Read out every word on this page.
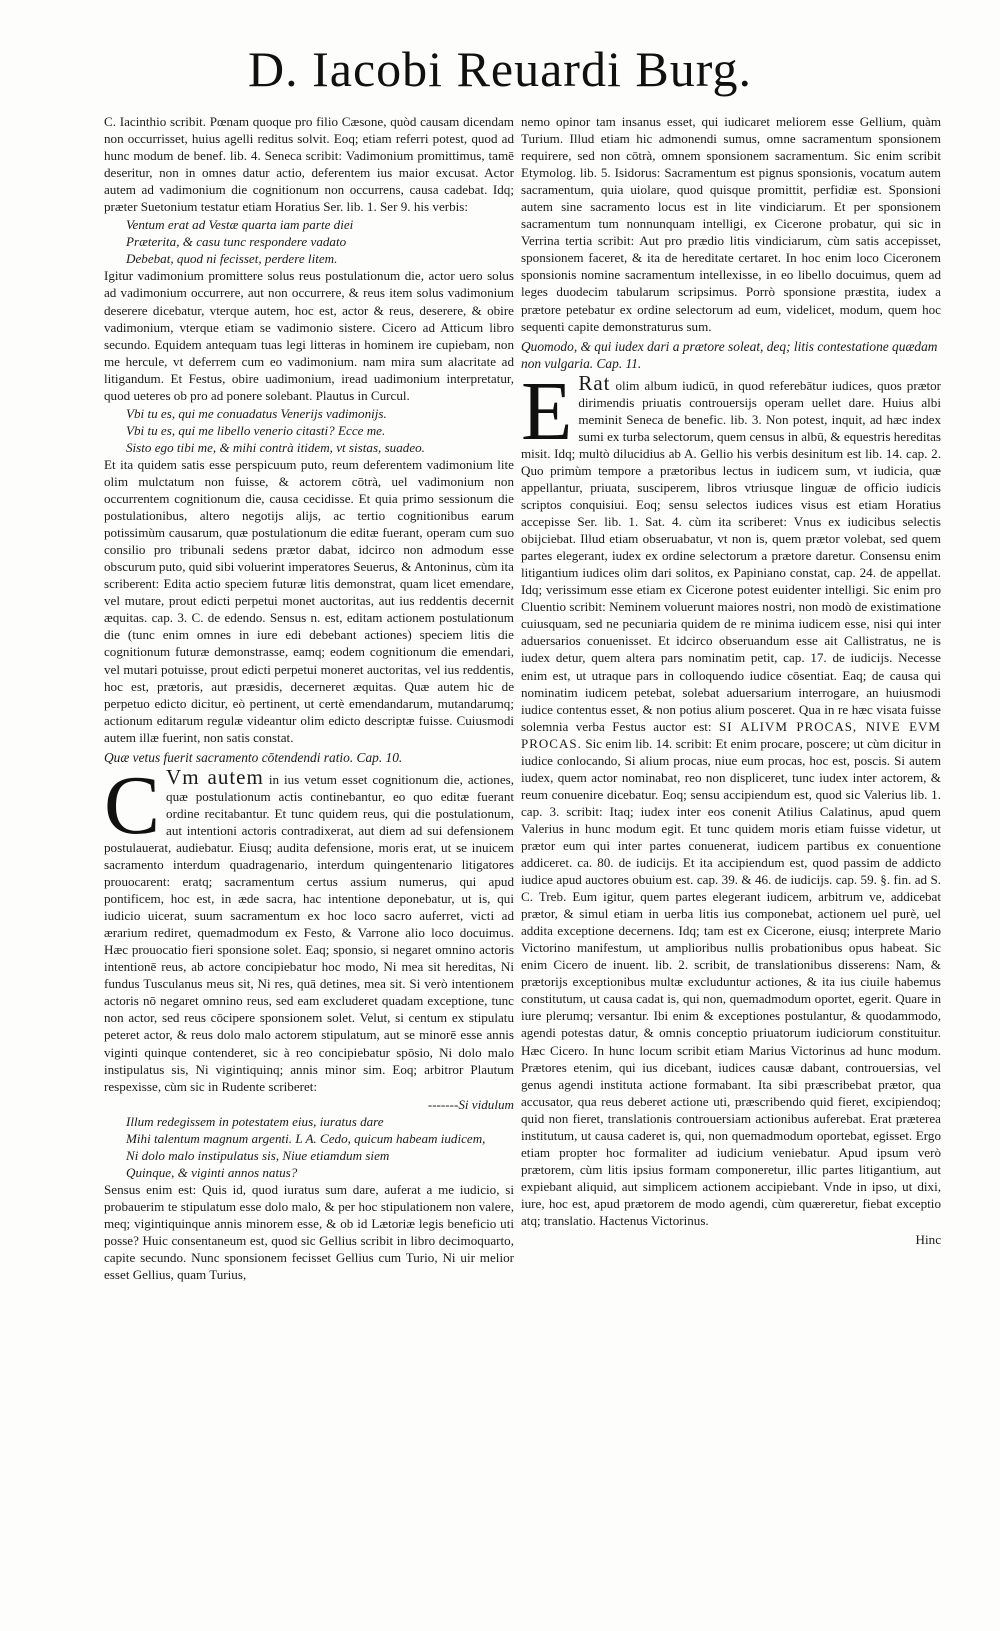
D. Iacobi Reuardi Burg.

C. Iacinthio scribit. Pœnam quoque pro filio Cæsone, quòd causam dicendam non occurrisset, huius agelli reditus solvit. Eoq; etiam referri potest, quod ad hunc modum de benef. lib. 4. Seneca scribit: Vadimonium promittimus, tamē deseritur, non in omnes datur actio, deferentem ius maior excusat. Actor autem ad vadimonium die cognitionum non occurrens, causa cadebat. Idq; præter Suetonium testatur etiam Horatius Ser. lib. 1. Ser 9. his verbis:

Ventum erat ad Vestæ quarta iam parte diei
Præterita, & casu tunc respondere vadato
Debebat, quod ni fecisset, perdere litem.

Igitur vadimonium promittere solus reus postulationum die, actor uero solus ad vadimonium occurrere, aut non occurrere, & reus item solus vadimonium deserere dicebatur, vterque autem, hoc est, actor & reus, deserere, & obire vadimonium, vterque etiam se vadimonio sistere. Cicero ad Atticum libro secundo. Equidem antequam tuas legi litteras in hominem ire cupiebam, non me hercule, vt deferrem cum eo vadimonium. nam mira sum alacritate ad litigandum. Et Festus, obire uadimonium, iread uadimonium interpretatur, quod ueteres ob pro ad ponere solebant. Plautus in Curcul.

Vbi tu es, qui me conuadatus Venerijs vadimonijs.
Vbi tu es, qui me libello venerio citasti? Ecce me.
Sisto ego tibi me, & mihi contrà itidem, vt sistas, suadeo.

Et ita quidem satis esse perspicuum puto, reum deferentem vadimonium lite olim mulctatum non fuisse, & actorem cōtrà, uel vadimonium non occurrentem cognitionum die, causa cecidisse. Et quia primo sessionum die postulationibus, altero negotijs alijs, ac tertio cognitionibus earum potissimùm causarum, quæ postulationum die editæ fuerant, operam cum suo consilio pro tribunali sedens prætor dabat, idcirco non admodum esse obscurum puto, quid sibi voluerint imperatores Seuerus, & Antoninus, cùm ita scriberent: Edita actio speciem futuræ litis demonstrat, quam licet emendare, vel mutare, prout edicti perpetui monet auctoritas, aut ius reddentis decernit æquitas. cap. 3. C. de edendo. Sensus n. est, editam actionem postulationum die (tunc enim omnes in iure edi debebant actiones) speciem litis die cognitionum futuræ demonstrasse, eamq; eodem cognitionum die emendari, vel mutari potuisse, prout edicti perpetui moneret auctoritas, vel ius reddentis, hoc est, prætoris, aut præsidis, decerneret æquitas. Quæ autem hic de perpetuo edicto dicitur, eò pertinent, ut certè emendandarum, mutandarumq; actionum editarum regulæ videantur olim edicto descriptæ fuisse. Cuiusmodi autem illæ fuerint, non satis constat.

Quæ vetus fuerit sacramento cōtendendi ratio. Cap. 10.

C Vm autem in ius vetum esset cognitionum die, actiones, quæ postulationum actis continebantur, eo quo editæ fuerant ordine recitabantur. Et tunc quidem reus, qui die postulationum, aut intentioni actoris contradixerat, aut diem ad sui defensionem postulauerat, audiebatur. Eiusq; audita defensione, moris erat, ut se inuicem sacramento interdum quadragenario, interdum quingentenario litigatores prouocarent: eratq; sacramentum certus assium numerus, qui apud pontificem, hoc est, in æde sacra, hac intentione deponebatur, ut is, qui iudicio uicerat, suum sacramentum ex hoc loco sacro auferret, victi ad ærarium rediret, quemadmodum ex Festo, & Varrone alio loco docuimus. Hæc prouocatio fieri sponsione solet. Eaq; sponsio, si negaret omnino actoris intentionē reus, ab actore concipiebatur hoc modo, Ni mea sit hereditas, Ni fundus Tusculanus meus sit, Ni res, quā detines, mea sit. Si verò intentionem actoris nō negaret omnino reus, sed eam excluderet quadam exceptione, tunc non actor, sed reus cōcipere sponsionem solet. Velut, si centum ex stipulatu peteret actor, & reus dolo malo actorem stipulatum, aut se minorē esse annis viginti quinque contenderet, sic à reo concipiebatur spōsio, Ni dolo malo instipulatus sis, Ni vigintiquinq; annis minor sim. Eoq; arbitror Plautum respexisse, cùm sic in Rudente scriberet:

-------Si vidulum
Illum redegissem in potestatem eius, iuratus dare
Mihi talentum magnum argenti. L A. Cedo, quicum habeam iudicem,
Ni dolo malo instipulatus sis, Niue etiamdum siem
Quinque, & viginti annos natus?

Sensus enim est: Quis id, quod iuratus sum dare, auferat a me iudicio, si probauerim te stipulatum esse dolo malo, & per hoc stipulationem non valere, meq; vigintiquinque annis minorem esse, & ob id Lætoriæ legis beneficio uti posse? Huic consentaneum est, quod sic Gellius scribit in libro decimoquarto, capite secundo. Nunc sponsionem fecisset Gellius cum Turio, Ni uir melior esset Gellius, quam Turius,

nemo opinor tam insanus esset, qui iudicaret meliorem esse Gellium, quàm Turium. Illud etiam hic admonendi sumus, omne sacramentum sponsionem requirere, sed non cōtrà, omnem sponsionem sacramentum. Sic enim scribit Etymolog. lib. 5. Isidorus: Sacramentum est pignus sponsionis, vocatum autem sacramentum, quia uiolare, quod quisque promittit, perfidiæ est. Sponsioni autem sine sacramento locus est in lite vindiciarum. Et per sponsionem sacramentum tum nonnunquam intelligi, ex Cicerone probatur, qui sic in Verrina tertia scribit: Aut pro prædio litis vindiciarum, cùm satis accepisset, sponsionem faceret, & ita de hereditate certaret. In hoc enim loco Ciceronem sponsionis nomine sacramentum intellexisse, in eo libello docuimus, quem ad leges duodecim tabularum scripsimus. Porrò sponsione præstita, iudex a prætore petebatur ex ordine selectorum ad eum, videlicet, modum, quem hoc sequenti capite demonstraturus sum.

Quomodo, & qui iudex dari a prætore soleat, deq; litis contestatione quædam non vulgaria. Cap. 11.

E Rat olim album iudicū, in quod referebātur iudices, quos prætor dirimendis priuatis controuersijs operam uellet dare. Huius albi meminit Seneca de benefic. lib. 3. Non potest, inquit, ad hæc index sumi ex turba selectorum, quem census in albū, & equestris hereditas misit. Idq; multò dilucidius ab A. Gellio his verbis desinitum est lib. 14. cap. 2. Quo primùm tempore a prætoribus lectus in iudicem sum, vt iudicia, quæ appellantur, priuata, susciperem, libros vtriusque linguæ de officio iudicis scriptos conquisiui. Eoq; sensu selectos iudices visus est etiam Horatius accepisse Ser. lib. 1. Sat. 4. cùm ita scriberet: Vnus ex iudicibus selectis obijciebat. Illud etiam obseruabatur, vt non is, quem prætor volebat, sed quem partes elegerant, iudex ex ordine selectorum a prætore daretur. Consensu enim litigantium iudices olim dari solitos, ex Papiniano constat, cap. 24. de appellat. Idq; verissimum esse etiam ex Cicerone potest euidenter intelligi. Sic enim pro Cluentio scribit: Neminem voluerunt maiores nostri, non modò de existimatione cuiusquam, sed ne pecuniaria quidem de re minima iudicem esse, nisi qui inter aduersarios conuenisset. Et idcirco obseruandum esse ait Callistratus, ne is iudex detur, quem altera pars nominatim petit, cap. 17. de iudicijs. Necesse enim est, ut utraque pars in colloquendo iudice cōsentiat. Eaq; de causa qui nominatim iudicem petebat, solebat aduersarium interrogare, an huiusmodi iudice contentus esset, & non potius alium posceret. Qua in re hæc visata fuisse solemnia verba Festus auctor est: SI ALIVM PROCAS, NIVE EVM PROCAS. Sic enim lib. 14. scribit: Et enim procare, poscere; ut cùm dicitur in iudice conlocando, Si alium procas, niue eum procas, hoc est, poscis. Si autem iudex, quem actor nominabat, reo non displiceret, tunc iudex inter actorem, & reum conuenire dicebatur. Eoq; sensu accipiendum est, quod sic Valerius lib. 1. cap. 3. scribit: Itaq; iudex inter eos conenit Atilius Calatinus, apud quem Valerius in hunc modum egit. Et tunc quidem moris etiam fuisse videtur, ut prætor eum qui inter partes conuenerat, iudicem partibus ex conuentione addiceret. ca. 80. de iudicijs. Et ita accipiendum est, quod passim de addicto iudice apud auctores obuium est. cap. 39. & 46. de iudicijs. cap. 59. §. fin. ad S. C. Treb. Eum igitur, quem partes elegerant iudicem, arbitrum ve, addicebat prætor, & simul etiam in uerba litis ius componebat, actionem uel purè, uel addita exceptione decernens. Idq; tam est ex Cicerone, eiusq; interprete Mario Victorino manifestum, ut amplioribus nullis probationibus opus habeat. Sic enim Cicero de inuent. lib. 2. scribit, de translationibus disserens: Nam, & prætorijs exceptionibus multæ excluduntur actiones, & ita ius ciuile habemus constitutum, ut causa cadat is, qui non, quemadmodum oportet, egerit. Quare in iure plerumq; versantur. Ibi enim & exceptiones postulantur, & quodammodo, agendi potestas datur, & omnis conceptio priuatorum iudiciorum constituitur. Hæc Cicero. In hunc locum scribit etiam Marius Victorinus ad hunc modum. Prætores etenim, qui ius dicebant, iudices causæ dabant, controuersias, vel genus agendi instituta actione formabant. Ita sibi præscribebat prætor, qua accusator, qua reus deberet actione uti, præscribendo quid fieret, excipiendoq; quid non fieret, translationis controuersiam actionibus auferebat. Erat præterea institutum, ut causa caderet is, qui, non quemadmodum oportebat, egisset. Ergo etiam propter hoc formaliter ad iudicium veniebatur. Apud ipsum verò prætorem, cùm litis ipsius formam componeretur, illic partes litigantium, aut expiebant aliquid, aut simplicem actionem accipiebant. Vnde in ipso, ut dixi, iure, hoc est, apud prætorem de modo agendi, cùm quæreretur, fiebat exceptio atq; translatio. Hactenus Victorinus.

Hinc
